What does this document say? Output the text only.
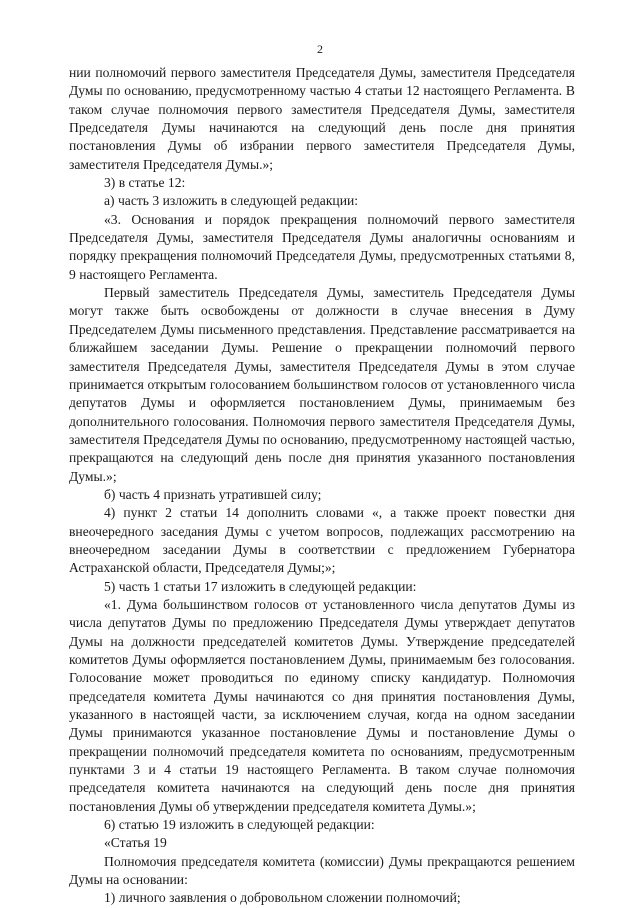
2

нии полномочий первого заместителя Председателя Думы, заместителя Председателя Думы по основанию, предусмотренному частью 4 статьи 12 настоящего Регламента. В таком случае полномочия первого заместителя Председателя Думы, заместителя Председателя Думы начинаются на следующий день после дня принятия постановления Думы об избрании первого заместителя Председателя Думы, заместителя Председателя Думы.»;

3) в статье 12:

а) часть 3 изложить в следующей редакции:

«3. Основания и порядок прекращения полномочий первого заместителя Председателя Думы, заместителя Председателя Думы аналогичны основаниям и порядку прекращения полномочий Председателя Думы, предусмотренных статьями 8, 9 настоящего Регламента.

Первый заместитель Председателя Думы, заместитель Председателя Думы могут также быть освобождены от должности в случае внесения в Думу Председателем Думы письменного представления. Представление рассматривается на ближайшем заседании Думы. Решение о прекращении полномочий первого заместителя Председателя Думы, заместителя Председателя Думы в этом случае принимается открытым голосованием большинством голосов от установленного числа депутатов Думы и оформляется постановлением Думы, принимаемым без дополнительного голосования. Полномочия первого заместителя Председателя Думы, заместителя Председателя Думы по основанию, предусмотренному настоящей частью, прекращаются на следующий день после дня принятия указанного постановления Думы.»;

б) часть 4 признать утратившей силу;

4) пункт 2 статьи 14 дополнить словами «, а также проект повестки дня внеочередного заседания Думы с учетом вопросов, подлежащих рассмотрению на внеочередном заседании Думы в соответствии с предложением Губернатора Астраханской области, Председателя Думы;»;

5) часть 1 статьи 17 изложить в следующей редакции:

«1. Дума большинством голосов от установленного числа депутатов Думы из числа депутатов Думы по предложению Председателя Думы утверждает депутатов Думы на должности председателей комитетов Думы. Утверждение председателей комитетов Думы оформляется постановлением Думы, принимаемым без голосования. Голосование может проводиться по единому списку кандидатур. Полномочия председателя комитета Думы начинаются со дня принятия постановления Думы, указанного в настоящей части, за исключением случая, когда на одном заседании Думы принимаются указанное постановление Думы и постановление Думы о прекращении полномочий председателя комитета по основаниям, предусмотренным пунктами 3 и 4 статьи 19 настоящего Регламента. В таком случае полномочия председателя комитета начинаются на следующий день после дня принятия постановления Думы об утверждении председателя комитета Думы.»;

6) статью 19 изложить в следующей редакции:

«Статья 19

Полномочия председателя комитета (комиссии) Думы прекращаются решением Думы на основании:

1) личного заявления о добровольном сложении полномочий;
